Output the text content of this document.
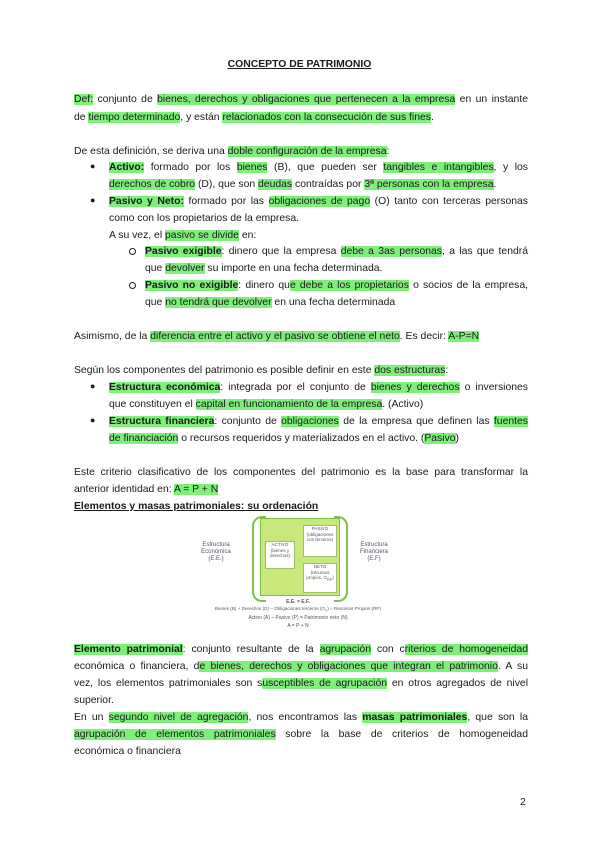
CONCEPTO DE PATRIMONIO
Def: conjunto de bienes, derechos y obligaciones que pertenecen a la empresa en un instante
de tiempo determinado, y están relacionados con la consecución de sus fines.
De esta definición, se deriva una doble configuración de la empresa:
● Activo: formado por los bienes (B), que pueden ser tangibles e intangibles, y los
derechos de cobro (D), que son deudas contraídas por 3ª personas con la empresa.
● Pasivo y Neto: formado por las obligaciones de pago (O) tanto con terceras personas
como con los propietarios de la empresa.
A su vez, el pasivo se divide en:
Pasivo exigible: dinero que la empresa debe a 3as personas, a las que tendrá
que devolver su importe en una fecha determinada.
Pasivo no exigible: dinero que debe a los propietarios o socios de la empresa,
que no tendrá que devolver en una fecha determinada
Asimismo, de la diferencia entre el activo y el pasivo se obtiene el neto. Es decir: A-P=N
Según los componentes del patrimonio es posible definir en este dos estructuras:
● Estructura económica: integrada por el conjunto de bienes y derechos o inversiones
que constituyen el capital en funcionamiento de la empresa. (Activo)
● Estructura financiera: conjunto de obligaciones de la empresa que definen las fuentes
de financiación o recursos requeridos y materializados en el activo. (Pasivo)
Este criterio clasificativo de los componentes del patrimonio es la base para transformar la
anterior identidad en: A = P + N
Elementos y masas patrimoniales: su ordenación
Estructura
Económica
(E.E.)
ACTIVO
(bienes y
derechos)
PASIVO
(obligaciones
con terceros)
NETO
(recursos
propios, $O_{RP}$)
Estructura
Financiera
(E.F)
E.E. = E.F.
Bienes (B) + Derechos (D) – Obligaciones terceros $(O_T)$ = Recursos Propios (RP)
Activo (A) – Pasivo (P) = Patrimonio neto (N)
A = P + N
Elemento patrimonial: conjunto resultante de la agrupación con criterios de homogeneidad
económica o financiera, de bienes, derechos y obligaciones que integran el patrimonio. A su
vez, los elementos patrimoniales son susceptibles de agrupación en otros agregados de nivel
superior.
En un segundo nivel de agregación, nos encontramos las masas patrimoniales, que son la
agrupación de elementos patrimoniales sobre la base de criterios de homogeneidad
económica o financiera
2
